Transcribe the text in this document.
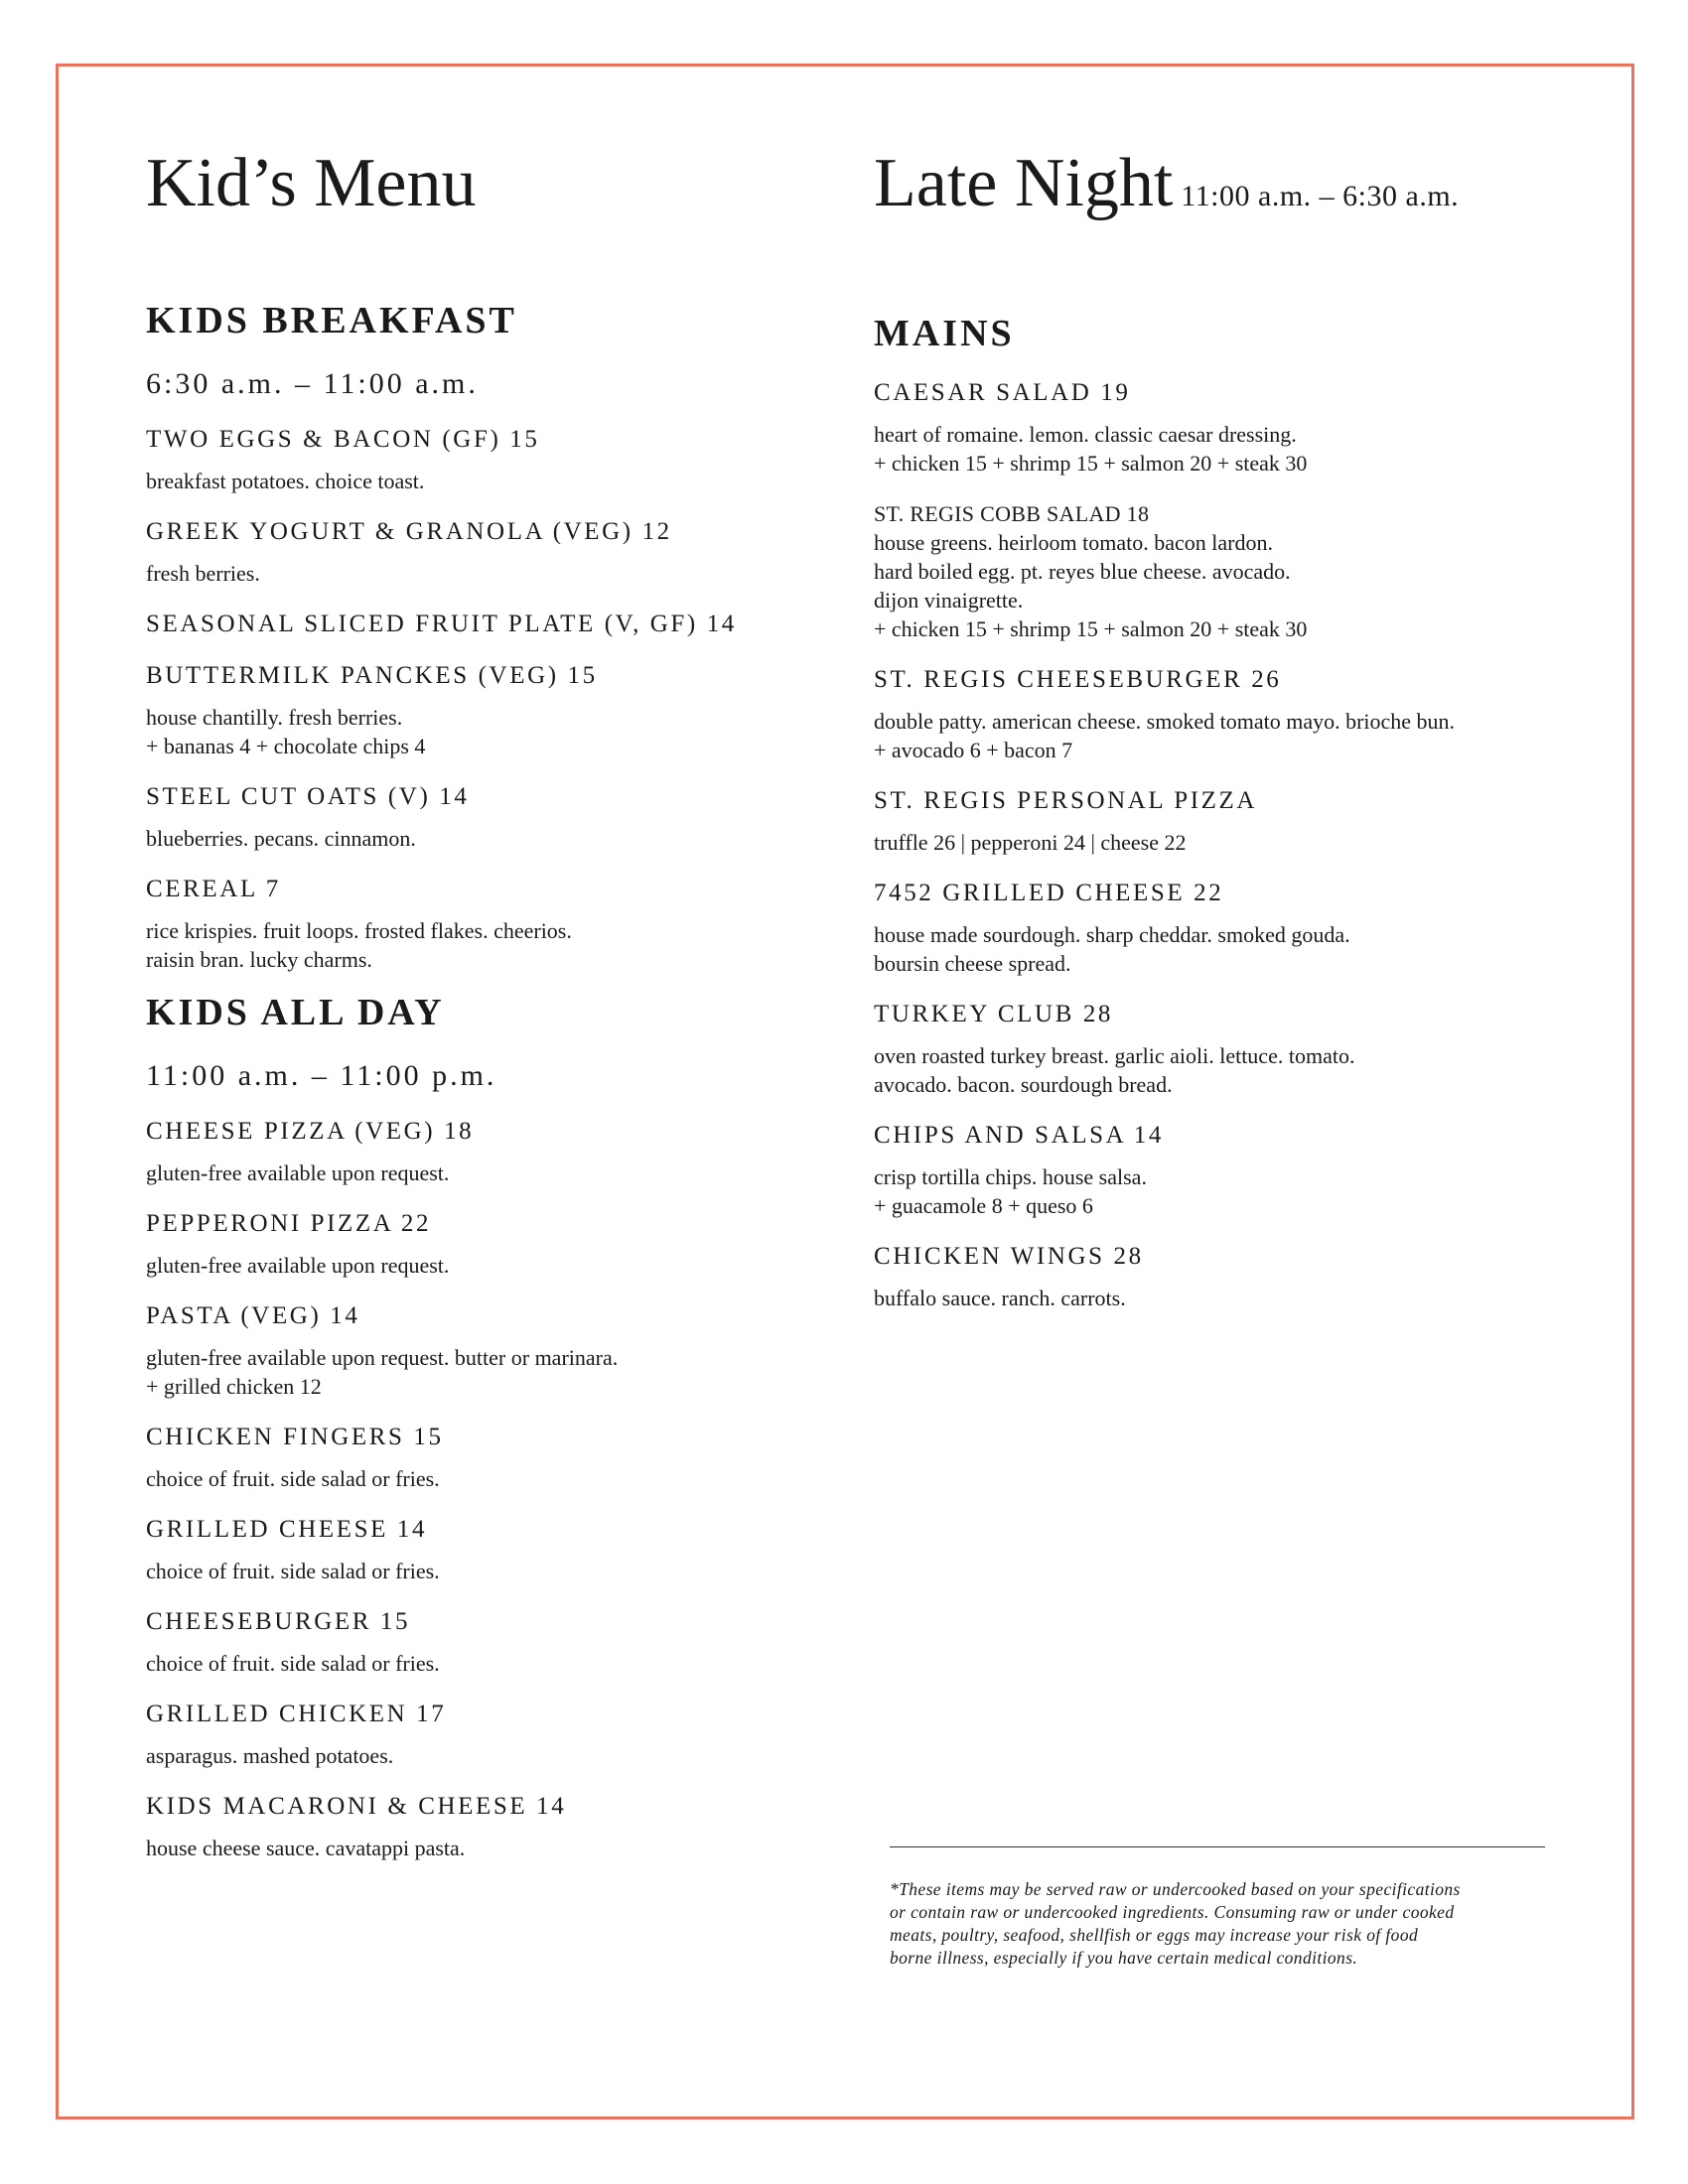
Kid’s Menu
KIDS BREAKFAST

6:30 a.m. – 11:00 a.m.

TWO EGGS & BACON (GF) 15

breakfast potatoes. choice toast.

GREEK YOGURT & GRANOLA (VEG) 12

fresh berries.

SEASONAL SLICED FRUIT PLATE (V, GF) 14

BUTTERMILK PANCKES (VEG) 15

house chantilly. fresh berries.
+ bananas 4 + chocolate chips 4

STEEL CUT OATS (V) 14

blueberries. pecans. cinnamon.

CEREAL 7

rice krispies. fruit loops. frosted flakes. cheerios.
raisin bran. lucky charms.

KIDS ALL DAY

11:00 a.m. – 11:00 p.m.

CHEESE PIZZA (VEG) 18

gluten-free available upon request.

PEPPERONI PIZZA 22

gluten-free available upon request.

PASTA (VEG) 14

gluten-free available upon request. butter or marinara.
+ grilled chicken 12

CHICKEN FINGERS 15

choice of fruit. side salad or fries.

GRILLED CHEESE 14

choice of fruit. side salad or fries.

CHEESEBURGER 15

choice of fruit. side salad or fries.

GRILLED CHICKEN 17

asparagus. mashed potatoes.

KIDS MACARONI & CHEESE 14

house cheese sauce. cavatappi pasta.

Late Night 11:00 a.m. – 6:30 a.m.
MAINS

CAESAR SALAD 19

heart of romaine. lemon. classic caesar dressing.
+ chicken 15 + shrimp 15 + salmon 20 + steak 30

ST. REGIS COBB SALAD 18

house greens. heirloom tomato. bacon lardon.
hard boiled egg. pt. reyes blue cheese. avocado.
dijon vinaigrette.
+ chicken 15 + shrimp 15 + salmon 20 + steak 30

ST. REGIS CHEESEBURGER 26

double patty. american cheese. smoked tomato mayo. brioche bun.
+ avocado 6 + bacon 7

ST. REGIS PERSONAL PIZZA

truffle 26 | pepperoni 24 | cheese 22

7452 GRILLED CHEESE 22

house made sourdough. sharp cheddar. smoked gouda.
boursin cheese spread.

TURKEY CLUB 28

oven roasted turkey breast. garlic aioli. lettuce. tomato.
avocado. bacon. sourdough bread.

CHIPS AND SALSA 14

crisp tortilla chips. house salsa.
+ guacamole 8 + queso 6

CHICKEN WINGS 28

buffalo sauce. ranch. carrots.

*These items may be served raw or undercooked based on your specifications
or contain raw or undercooked ingredients. Consuming raw or under cooked
meats, poultry, seafood, shellfish or eggs may increase your risk of food
borne illness, especially if you have certain medical conditions.
